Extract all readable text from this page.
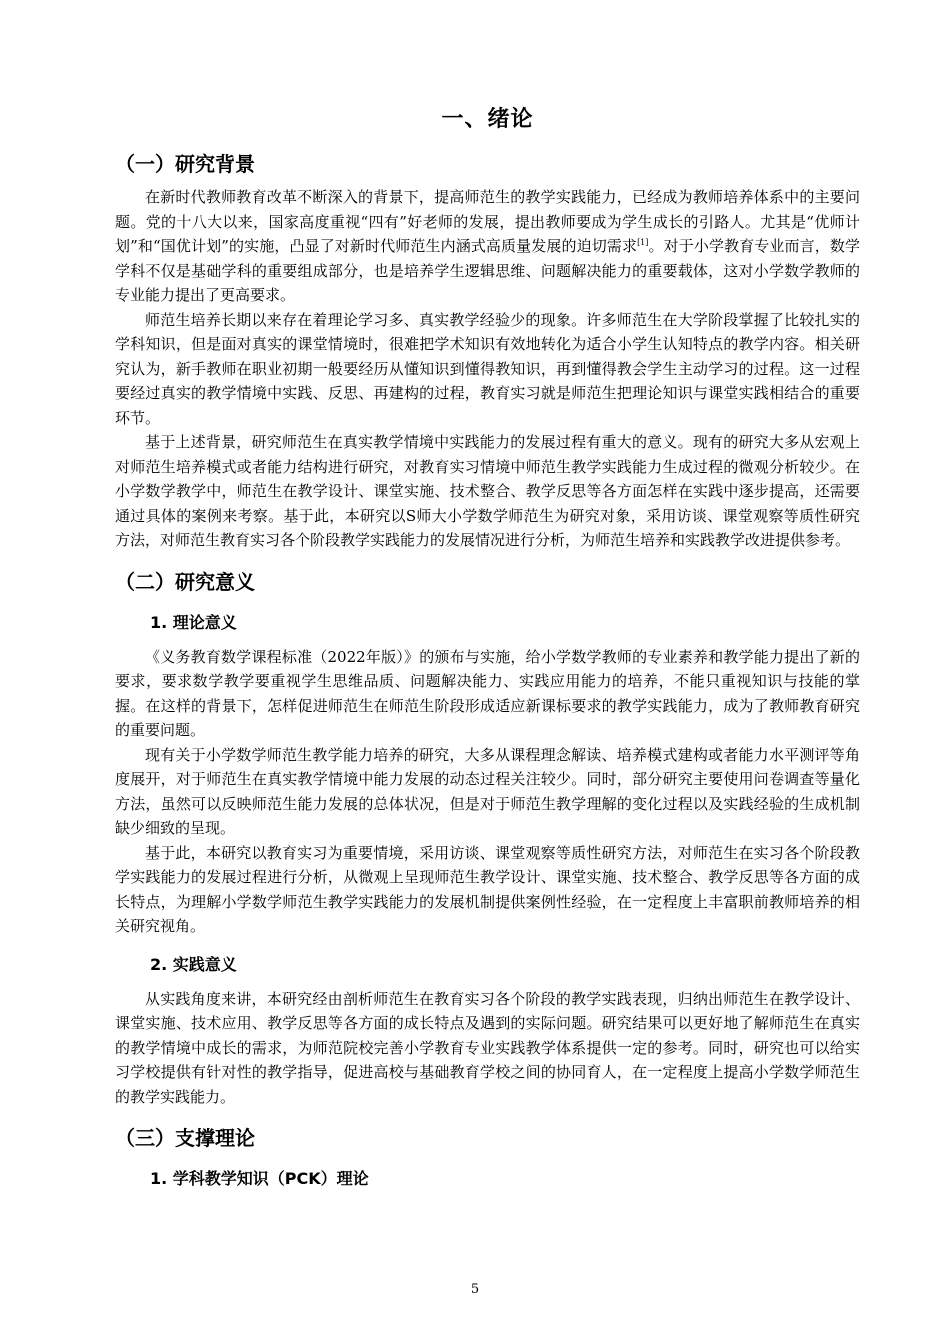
一、绪论
（一）研究背景

在新时代教师教育改革不断深入的背景下，提高师范生的教学实践能力，已经成为教师培养体系中的主要问题。党的十八大以来，国家高度重视“四有”好老师的发展，提出教师要成为学生成长的引路人。尤其是“优师计划”和“国优计划”的实施，凸显了对新时代师范生内涵式高质量发展的迫切需求[1]。对于小学教育专业而言，数学学科不仅是基础学科的重要组成部分，也是培养学生逻辑思维、问题解决能力的重要载体，这对小学数学教师的专业能力提出了更高要求。

师范生培养长期以来存在着理论学习多、真实教学经验少的现象。许多师范生在大学阶段掌握了比较扎实的学科知识，但是面对真实的课堂情境时，很难把学术知识有效地转化为适合小学生认知特点的教学内容。相关研究认为，新手教师在职业初期一般要经历从懂知识到懂得教知识，再到懂得教会学生主动学习的过程。这一过程要经过真实的教学情境中实践、反思、再建构的过程，教育实习就是师范生把理论知识与课堂实践相结合的重要环节。

基于上述背景，研究师范生在真实教学情境中实践能力的发展过程有重大的意义。现有的研究大多从宏观上对师范生培养模式或者能力结构进行研究，对教育实习情境中师范生教学实践能力生成过程的微观分析较少。在小学数学教学中，师范生在教学设计、课堂实施、技术整合、教学反思等各方面怎样在实践中逐步提高，还需要通过具体的案例来考察。基于此，本研究以S师大小学数学师范生为研究对象，采用访谈、课堂观察等质性研究方法，对师范生教育实习各个阶段教学实践能力的发展情况进行分析，为师范生培养和实践教学改进提供参考。

（二）研究意义
1. 理论意义

《义务教育数学课程标准（2022年版）》的颁布与实施，给小学数学教师的专业素养和教学能力提出了新的要求，要求数学教学要重视学生思维品质、问题解决能力、实践应用能力的培养，不能只重视知识与技能的掌握。在这样的背景下，怎样促进师范生在师范生阶段形成适应新课标要求的教学实践能力，成为了教师教育研究的重要问题。

现有关于小学数学师范生教学能力培养的研究，大多从课程理念解读、培养模式建构或者能力水平测评等角度展开，对于师范生在真实教学情境中能力发展的动态过程关注较少。同时，部分研究主要使用问卷调查等量化方法，虽然可以反映师范生能力发展的总体状况，但是对于师范生教学理解的变化过程以及实践经验的生成机制缺少细致的呈现。

基于此，本研究以教育实习为重要情境，采用访谈、课堂观察等质性研究方法，对师范生在实习各个阶段教学实践能力的发展过程进行分析，从微观上呈现师范生教学设计、课堂实施、技术整合、教学反思等各方面的成长特点，为理解小学数学师范生教学实践能力的发展机制提供案例性经验，在一定程度上丰富职前教师培养的相关研究视角。

2. 实践意义

从实践角度来讲，本研究经由剖析师范生在教育实习各个阶段的教学实践表现，归纳出师范生在教学设计、课堂实施、技术应用、教学反思等各方面的成长特点及遇到的实际问题。研究结果可以更好地了解师范生在真实的教学情境中成长的需求，为师范院校完善小学教育专业实践教学体系提供一定的参考。同时，研究也可以给实习学校提供有针对性的教学指导，促进高校与基础教育学校之间的协同育人，在一定程度上提高小学数学师范生的教学实践能力。

（三）支撑理论
1. 学科教学知识（PCK）理论
5
